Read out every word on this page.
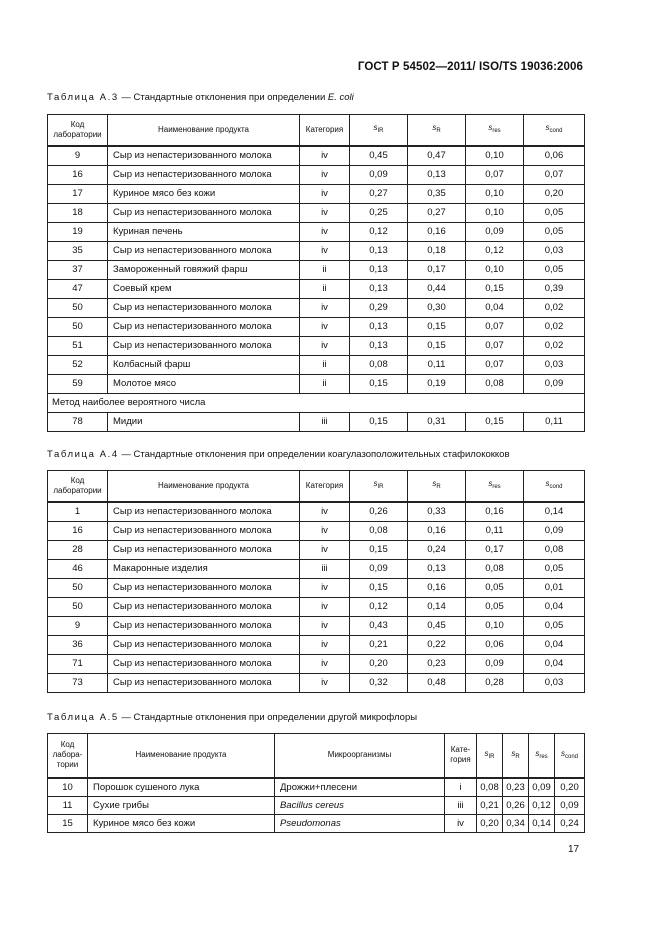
ГОСТ Р 54502—2011/ ISO/TS 19036:2006
Таблица А.3 — Стандартные отклонения при определении E. coli
Код лаборатории	Наименование продукта	Категория	$s_{IR}$	$s_R$	$s_{res}$	$s_{cond}$
9	Сыр из непастеризованного молока	iv	0,45	0,47	0,10	0,06
16	Сыр из непастеризованного молока	iv	0,09	0,13	0,07	0,07
17	Куриное мясо без кожи	iv	0,27	0,35	0,10	0,20
18	Сыр из непастеризованного молока	iv	0,25	0,27	0,10	0,05
19	Куриная печень	iv	0,12	0,16	0,09	0,05
35	Сыр из непастеризованного молока	iv	0,13	0,18	0,12	0,03
37	Замороженный говяжий фарш	ii	0,13	0,17	0,10	0,05
47	Соевый крем	ii	0,13	0,44	0,15	0,39
50	Сыр из непастеризованного молока	iv	0,29	0,30	0,04	0,02
50	Сыр из непастеризованного молока	iv	0,13	0,15	0,07	0,02
51	Сыр из непастеризованного молока	iv	0,13	0,15	0,07	0,02
52	Колбасный фарш	ii	0,08	0,11	0,07	0,03
59	Молотое мясо	ii	0,15	0,19	0,08	0,09
Метод наиболее вероятного числа						
78	Мидии	iii	0,15	0,31	0,15	0,11
Таблица А.4 — Стандартные отклонения при определении коагулазоположительных стафилококков
Код лаборатории	Наименование продукта	Категория	$s_{IR}$	$s_R$	$s_{res}$	$s_{cond}$
1	Сыр из непастеризованного молока	iv	0,26	0,33	0,16	0,14
16	Сыр из непастеризованного молока	iv	0,08	0,16	0,11	0,09
28	Сыр из непастеризованного молока	iv	0,15	0,24	0,17	0,08
46	Макаронные изделия	iii	0,09	0,13	0,08	0,05
50	Сыр из непастеризованного молока	iv	0,15	0,16	0,05	0,01
50	Сыр из непастеризованного молока	iv	0,12	0,14	0,05	0,04
9	Сыр из непастеризованного молока	iv	0,43	0,45	0,10	0,05
36	Сыр из непастеризованного молока	iv	0,21	0,22	0,06	0,04
71	Сыр из непастеризованного молока	iv	0,20	0,23	0,09	0,04
73	Сыр из непастеризованного молока	iv	0,32	0,48	0,28	0,03
Таблица А.5 — Стандартные отклонения при определении другой микрофлоры
Код лабора-тории	Наименование продукта	Микроорганизмы	Кате-гория	$s_{IR}$	$s_R$	$s_{res}$	$s_{cond}$
10	Порошок сушеного лука	Дрожжи+плесени	i	0,08	0,23	0,09	0,20
11	Сухие грибы	Bacillus cereus	iii	0,21	0,26	0,12	0,09
15	Куриное мясо без кожи	Pseudomonas	iv	0,20	0,34	0,14	0,24
17
